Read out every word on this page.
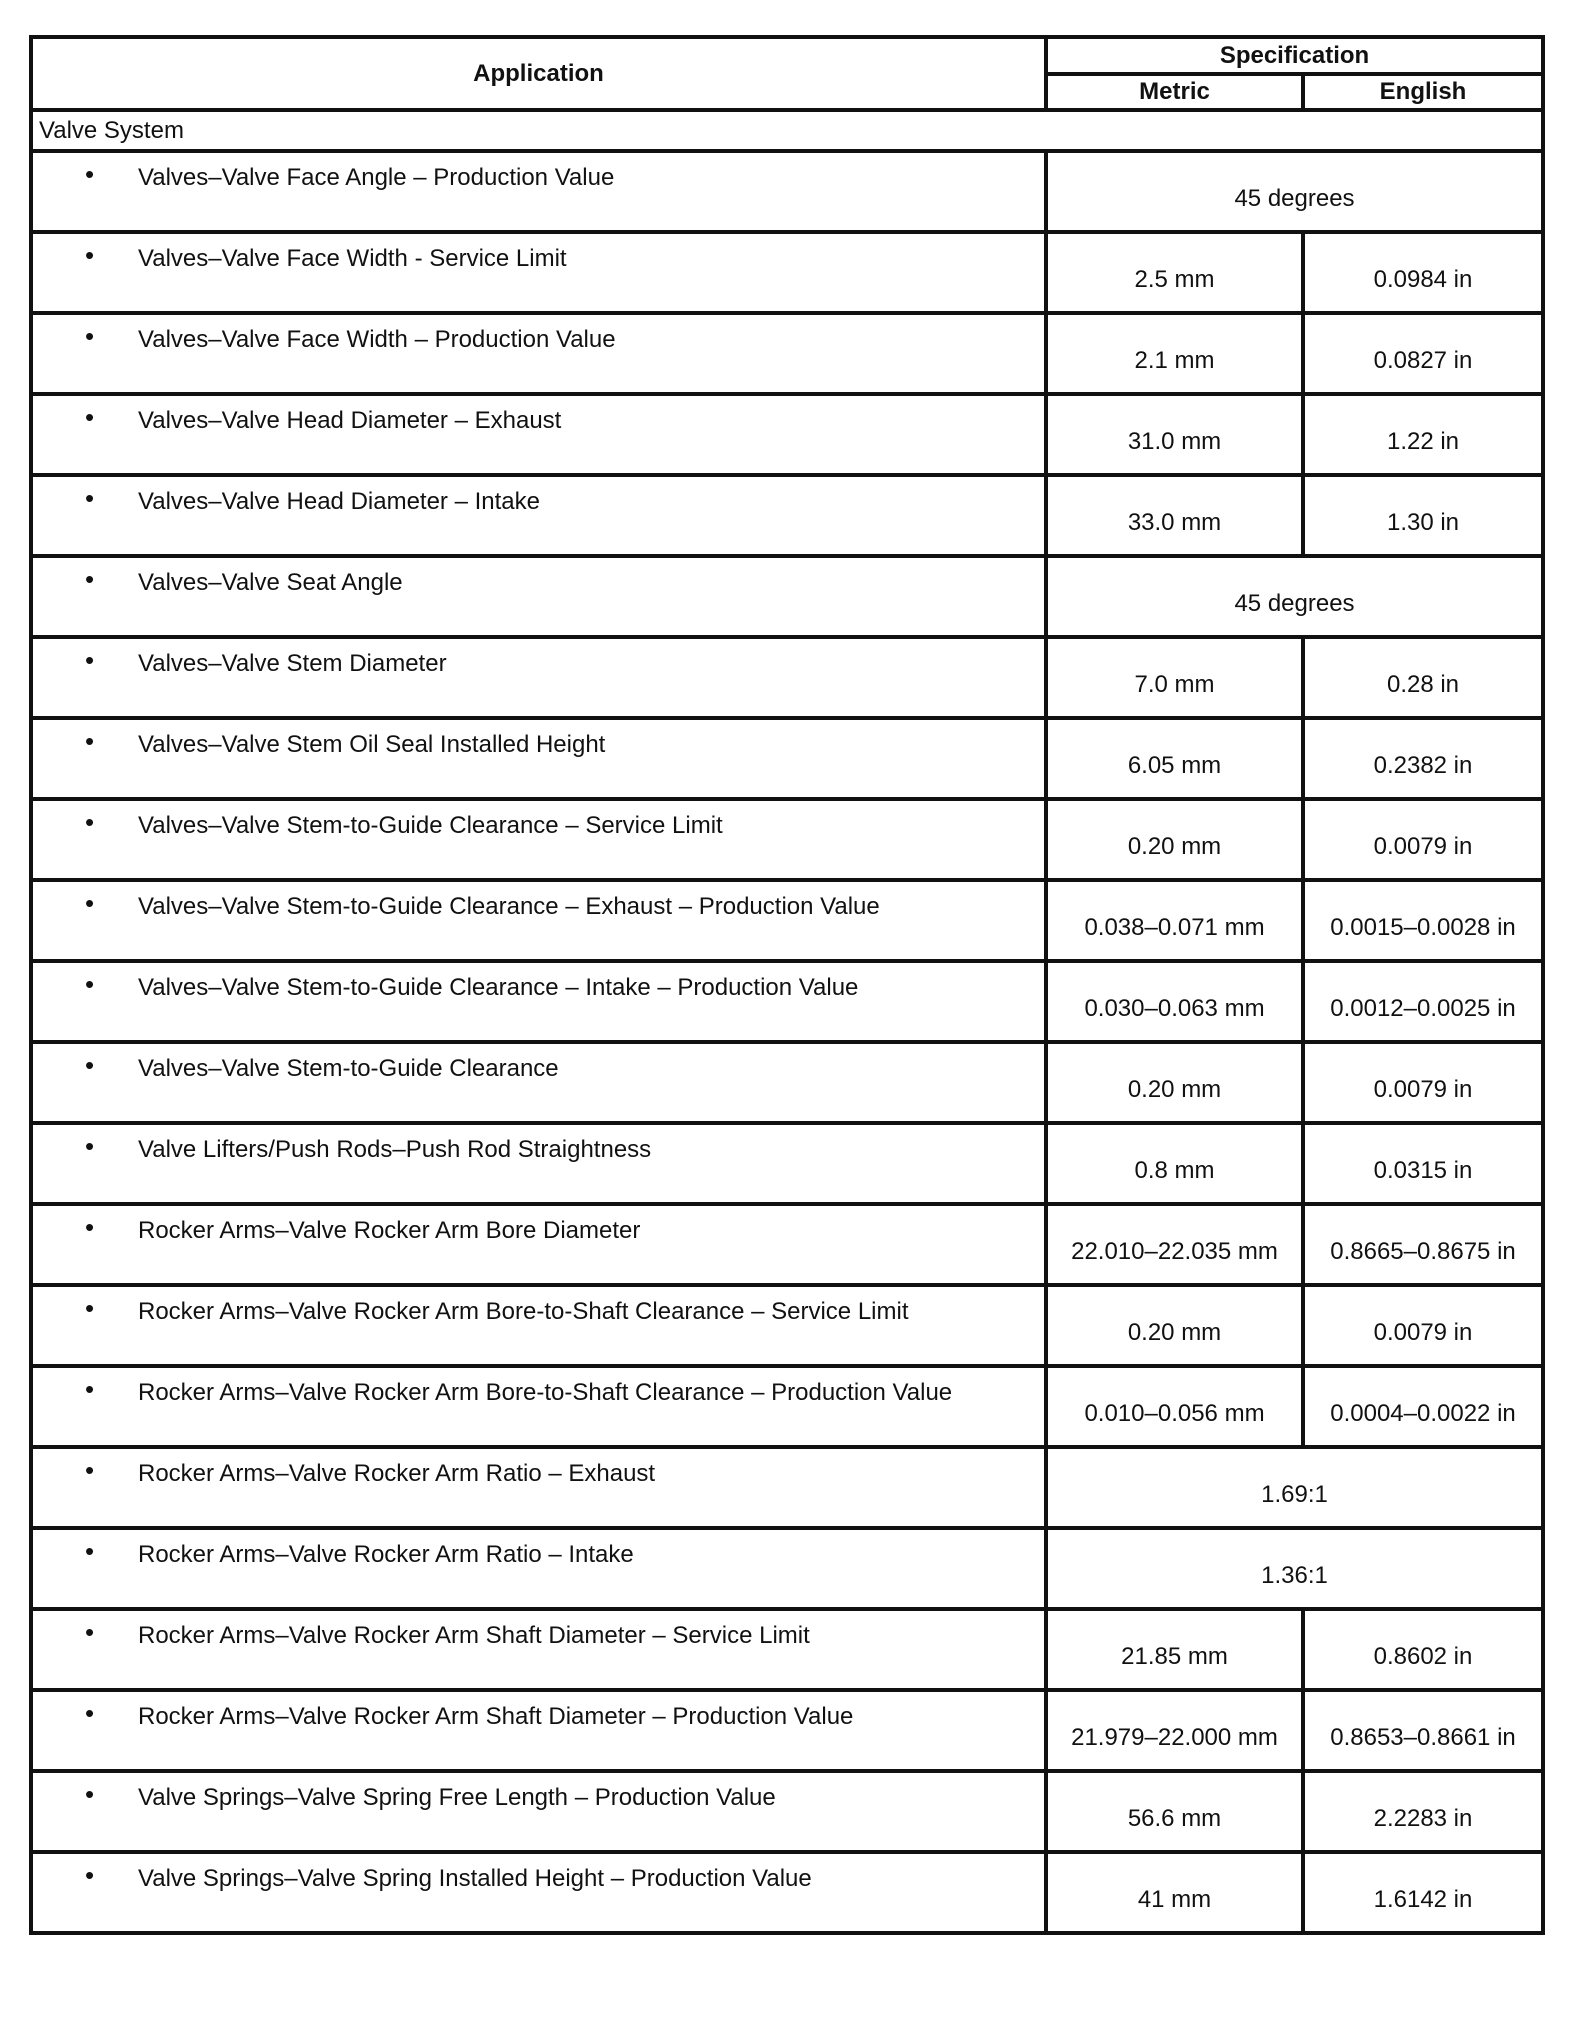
Application	Specification	
	Metric	English
Valve System		

• Valves–Valve Face Angle – Production Value	45 degrees	

• Valves–Valve Face Width - Service Limit	2.5 mm	0.0984 in

• Valves–Valve Face Width – Production Value	2.1 mm	0.0827 in

• Valves–Valve Head Diameter – Exhaust	31.0 mm	1.22 in

• Valves–Valve Head Diameter – Intake	33.0 mm	1.30 in

• Valves–Valve Seat Angle	45 degrees	

• Valves–Valve Stem Diameter	7.0 mm	0.28 in

• Valves–Valve Stem Oil Seal Installed Height	6.05 mm	0.2382 in

• Valves–Valve Stem-to-Guide Clearance – Service Limit	0.20 mm	0.0079 in

• Valves–Valve Stem-to-Guide Clearance – Exhaust – Production Value	0.038–0.071 mm	0.0015–0.0028 in

• Valves–Valve Stem-to-Guide Clearance – Intake – Production Value	0.030–0.063 mm	0.0012–0.0025 in

• Valves–Valve Stem-to-Guide Clearance	0.20 mm	0.0079 in

• Valve Lifters/Push Rods–Push Rod Straightness	0.8 mm	0.0315 in

• Rocker Arms–Valve Rocker Arm Bore Diameter	22.010–22.035 mm	0.8665–0.8675 in

• Rocker Arms–Valve Rocker Arm Bore-to-Shaft Clearance – Service Limit	0.20 mm	0.0079 in

• Rocker Arms–Valve Rocker Arm Bore-to-Shaft Clearance – Production Value	0.010–0.056 mm	0.0004–0.0022 in

• Rocker Arms–Valve Rocker Arm Ratio – Exhaust	1.69:1	

• Rocker Arms–Valve Rocker Arm Ratio – Intake	1.36:1	

• Rocker Arms–Valve Rocker Arm Shaft Diameter – Service Limit	21.85 mm	0.8602 in

• Rocker Arms–Valve Rocker Arm Shaft Diameter – Production Value	21.979–22.000 mm	0.8653–0.8661 in

• Valve Springs–Valve Spring Free Length – Production Value	56.6 mm	2.2283 in

• Valve Springs–Valve Spring Installed Height – Production Value	41 mm	1.6142 in
